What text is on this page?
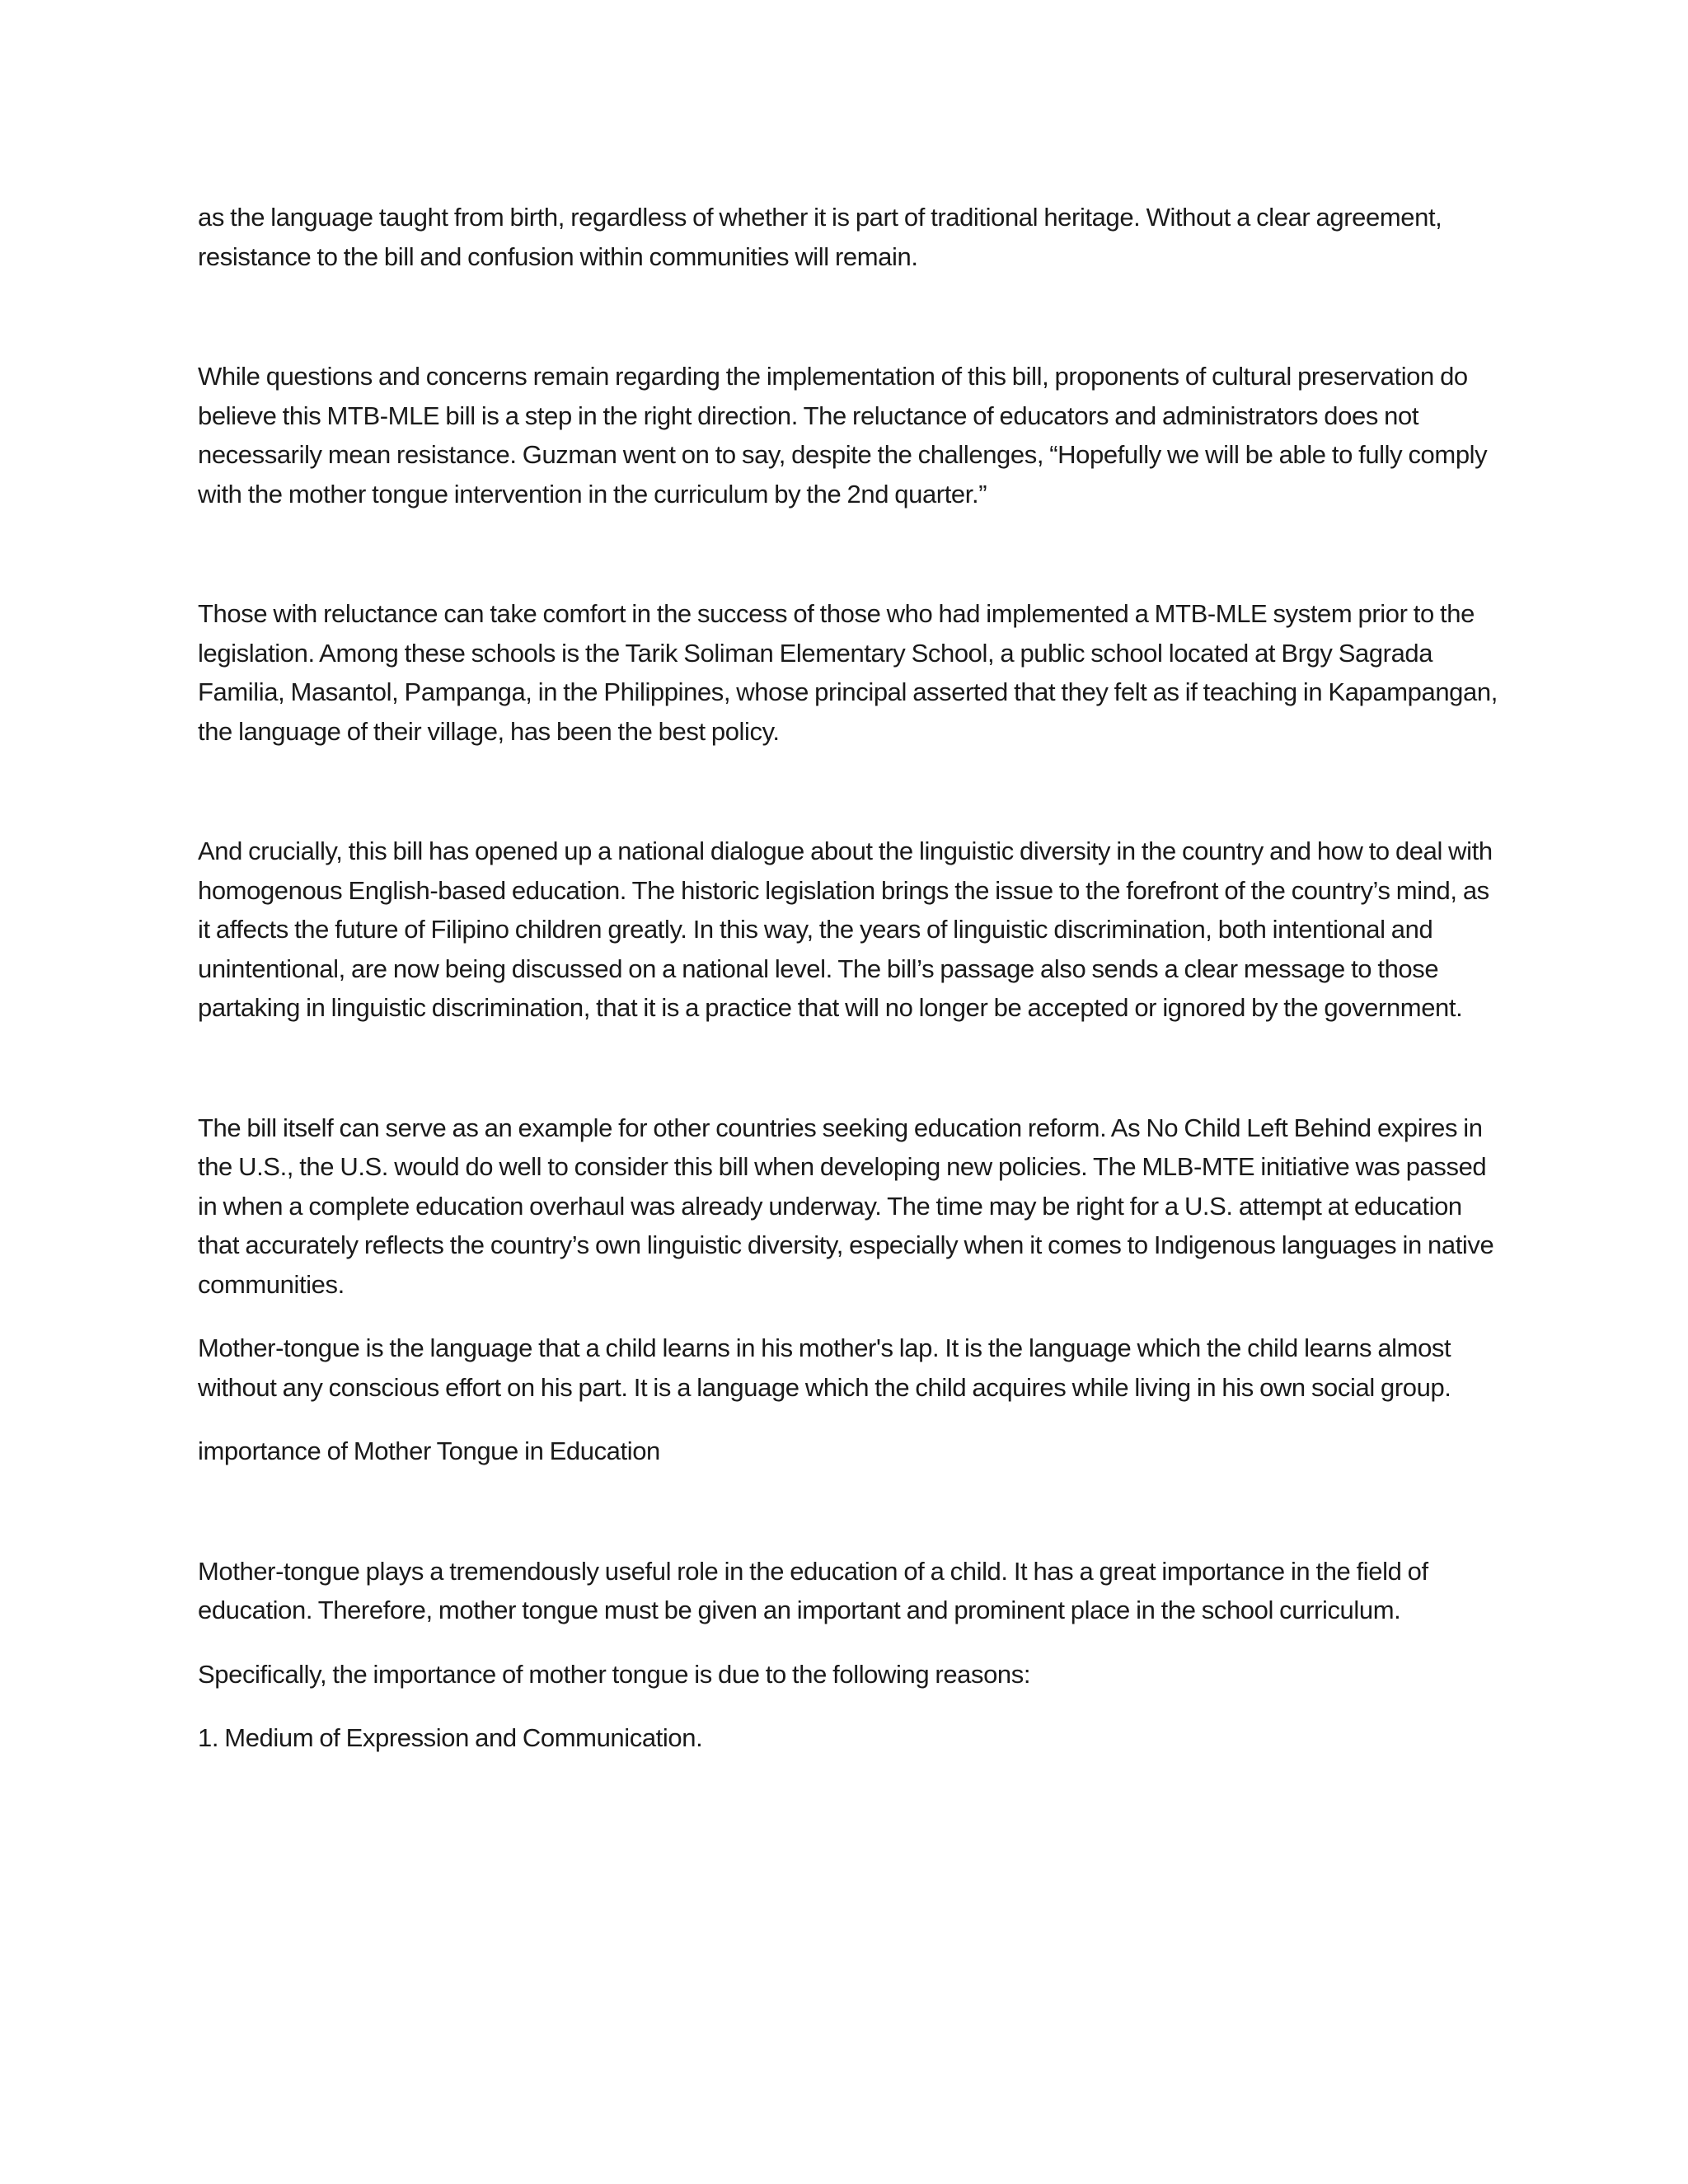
as the language taught from birth, regardless of whether it is part of traditional heritage. Without a clear agreement, resistance to the bill and confusion within communities will remain.

While questions and concerns remain regarding the implementation of this bill, proponents of cultural preservation do believe this MTB-MLE bill is a step in the right direction. The reluctance of educators and administrators does not necessarily mean resistance. Guzman went on to say, despite the challenges, “Hopefully we will be able to fully comply with the mother tongue intervention in the curriculum by the 2nd quarter.”

Those with reluctance can take comfort in the success of those who had implemented a MTB-MLE system prior to the legislation. Among these schools is the Tarik Soliman Elementary School, a public school located at Brgy Sagrada Familia, Masantol, Pampanga, in the Philippines, whose principal asserted that they felt as if teaching in Kapampangan, the language of their village, has been the best policy.

And crucially, this bill has opened up a national dialogue about the linguistic diversity in the country and how to deal with homogenous English-based education. The historic legislation brings the issue to the forefront of the country’s mind, as it affects the future of Filipino children greatly. In this way, the years of linguistic discrimination, both intentional and unintentional, are now being discussed on a national level. The bill’s passage also sends a clear message to those partaking in linguistic discrimination, that it is a practice that will no longer be accepted or ignored by the government.

The bill itself can serve as an example for other countries seeking education reform. As No Child Left Behind expires in the U.S., the U.S. would do well to consider this bill when developing new policies. The MLB-MTE initiative was passed in when a complete education overhaul was already underway. The time may be right for a U.S. attempt at education that accurately reflects the country’s own linguistic diversity, especially when it comes to Indigenous languages in native communities.

Mother-tongue is the language that a child learns in his mother's lap. It is the language which the child learns almost without any conscious effort on his part. It is a language which the child acquires while living in his own social group.

importance of Mother Tongue in Education

Mother-tongue plays a tremendously useful role in the education of a child. It has a great importance in the field of education. Therefore, mother tongue must be given an important and prominent place in the school curriculum.

Specifically, the importance of mother tongue is due to the following reasons:

1. Medium of Expression and Communication.
